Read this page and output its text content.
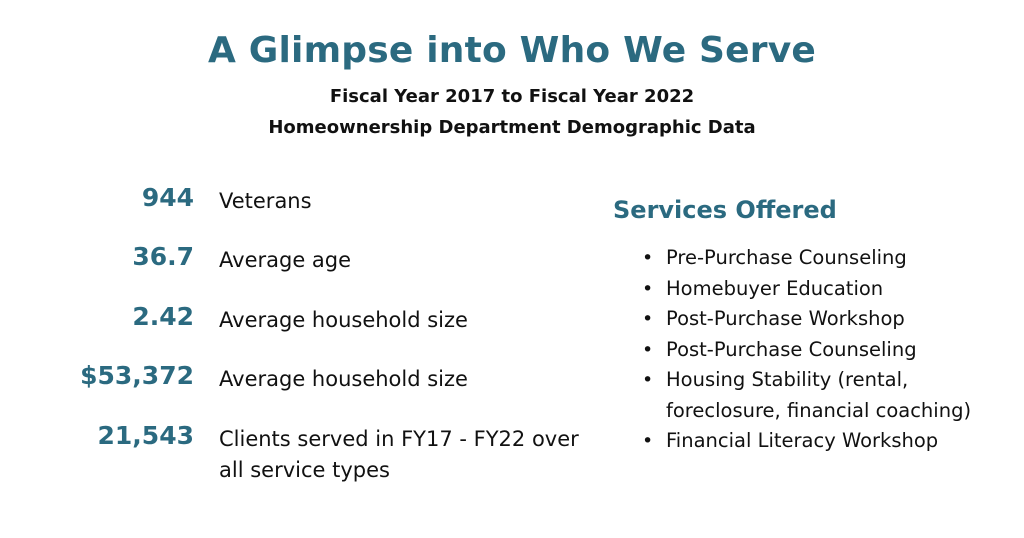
A Glimpse into Who We Serve
Fiscal Year 2017 to Fiscal Year 2022
Homeownership Department Demographic Data
944 Veterans
36.7 Average age
2.42 Average household size
$53,372 Average household size
21,543 Clients served in FY17 - FY22 over all service types
Services Offered
• Pre-Purchase Counseling
• Homebuyer Education
• Post-Purchase Workshop
• Post-Purchase Counseling
• Housing Stability (rental, foreclosure, financial coaching)
• Financial Literacy Workshop
